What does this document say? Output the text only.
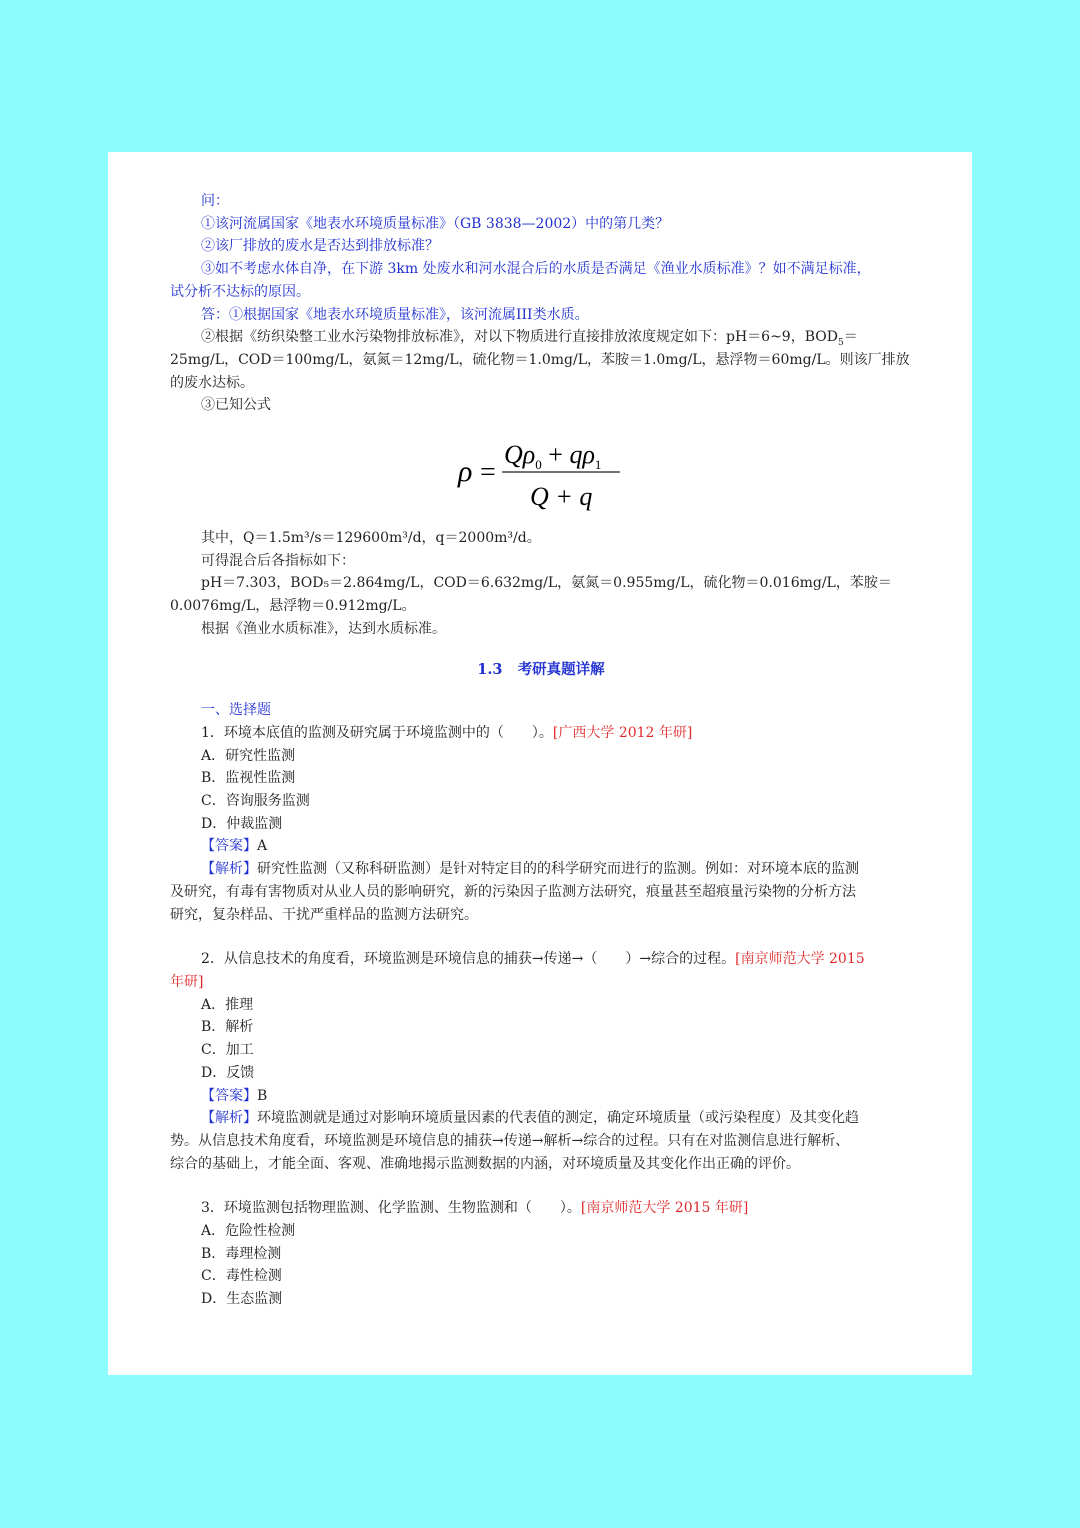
问：
①该河流属国家《地表水环境质量标准》（GB 3838—2002）中的第几类？
②该厂排放的废水是否达到排放标准？
③如不考虑水体自净，在下游 3km 处废水和河水混合后的水质是否满足《渔业水质标准》？如不满足标准，
试分析不达标的原因。
答：①根据国家《地表水环境质量标准》，该河流属III类水质。
②根据《纺织染整工业水污染物排放标准》，对以下物质进行直接排放浓度规定如下：pH＝6~9，$BOD_5=$
25mg/L，COD＝100mg/L，氨氮＝12mg/L，硫化物＝1.0mg/L，苯胺＝1.0mg/L，悬浮物＝60mg/L。则该厂排放
的废水达标。
③已知公式
ρ =
$Q\rho_0 + q\rho_1$
Q + q
其中，Q＝1.5m³/s＝129600m³/d，q＝2000m³/d。
可得混合后各指标如下：
pH＝7.303，BOD₅＝2.864mg/L，COD＝6.632mg/L，氨氮＝0.955mg/L，硫化物＝0.016mg/L，苯胺＝
0.0076mg/L，悬浮物＝0.912mg/L。
根据《渔业水质标准》，达到水质标准。
1.3 考研真题详解
一、选择题
1．环境本底值的监测及研究属于环境监测中的（　　）。[广西大学 2012 年研]
A．研究性监测
B．监视性监测
C．咨询服务监测
D．仲裁监测
【答案】A
【解析】研究性监测（又称科研监测）是针对特定目的的科学研究而进行的监测。例如：对环境本底的监测
及研究，有毒有害物质对从业人员的影响研究，新的污染因子监测方法研究，痕量甚至超痕量污染物的分析方法
研究，复杂样品、干扰严重样品的监测方法研究。
2．从信息技术的角度看，环境监测是环境信息的捕获→传递→（　　）→综合的过程。[南京师范大学 2015
年研]
A．推理
B．解析
C．加工
D．反馈
【答案】B
【解析】环境监测就是通过对影响环境质量因素的代表值的测定，确定环境质量（或污染程度）及其变化趋
势。从信息技术角度看，环境监测是环境信息的捕获→传递→解析→综合的过程。只有在对监测信息进行解析、
综合的基础上，才能全面、客观、准确地揭示监测数据的内涵，对环境质量及其变化作出正确的评价。
3．环境监测包括物理监测、化学监测、生物监测和（　　）。[南京师范大学 2015 年研]
A．危险性检测
B．毒理检测
C．毒性检测
D．生态监测
